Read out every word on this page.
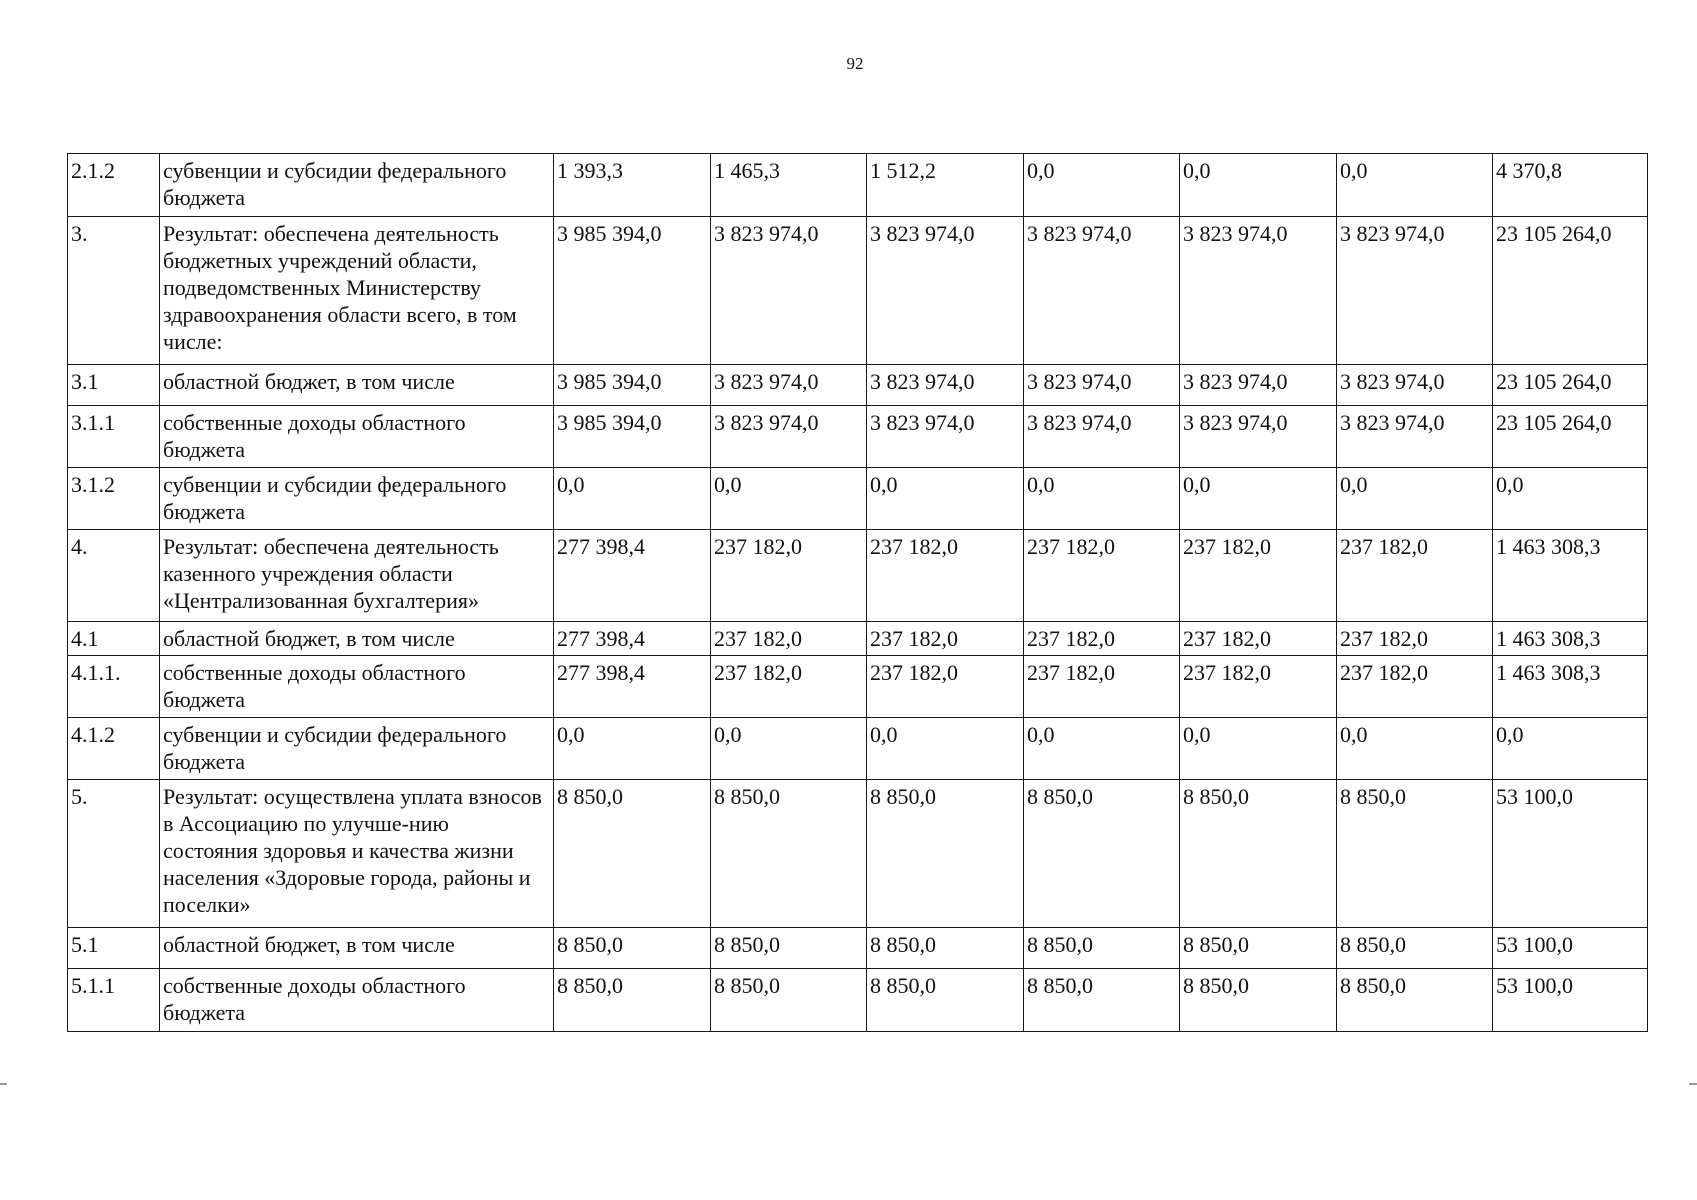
92
2.1.2	субвенции и субсидии федерального бюджета	1 393,3	1 465,3	1 512,2	0,0	0,0	0,0	4 370,8
3.	Результат: обеспечена деятельность бюджетных учреждений области, подведомственных Министерству здравоохранения области всего, в том числе:	3 985 394,0	3 823 974,0	3 823 974,0	3 823 974,0	3 823 974,0	3 823 974,0	23 105 264,0
3.1	областной бюджет, в том числе	3 985 394,0	3 823 974,0	3 823 974,0	3 823 974,0	3 823 974,0	3 823 974,0	23 105 264,0
3.1.1	собственные доходы областного бюджета	3 985 394,0	3 823 974,0	3 823 974,0	3 823 974,0	3 823 974,0	3 823 974,0	23 105 264,0
3.1.2	субвенции и субсидии федерального бюджета	0,0	0,0	0,0	0,0	0,0	0,0	0,0
4.	Результат: обеспечена деятельность казенного учреждения области «Централизованная бухгалтерия»	277 398,4	237 182,0	237 182,0	237 182,0	237 182,0	237 182,0	1 463 308,3
4.1	областной бюджет, в том числе	277 398,4	237 182,0	237 182,0	237 182,0	237 182,0	237 182,0	1 463 308,3
4.1.1.	собственные доходы областного бюджета	277 398,4	237 182,0	237 182,0	237 182,0	237 182,0	237 182,0	1 463 308,3
4.1.2	субвенции и субсидии федерального бюджета	0,0	0,0	0,0	0,0	0,0	0,0	0,0
5.	Результат: осуществлена уплата взносов в Ассоциацию по улучше-нию состояния здоровья и качества жизни населения «Здоровые города, районы и поселки»	8 850,0	8 850,0	8 850,0	8 850,0	8 850,0	8 850,0	53 100,0
5.1	областной бюджет, в том числе	8 850,0	8 850,0	8 850,0	8 850,0	8 850,0	8 850,0	53 100,0
5.1.1	собственные доходы областного бюджета	8 850,0	8 850,0	8 850,0	8 850,0	8 850,0	8 850,0	53 100,0
